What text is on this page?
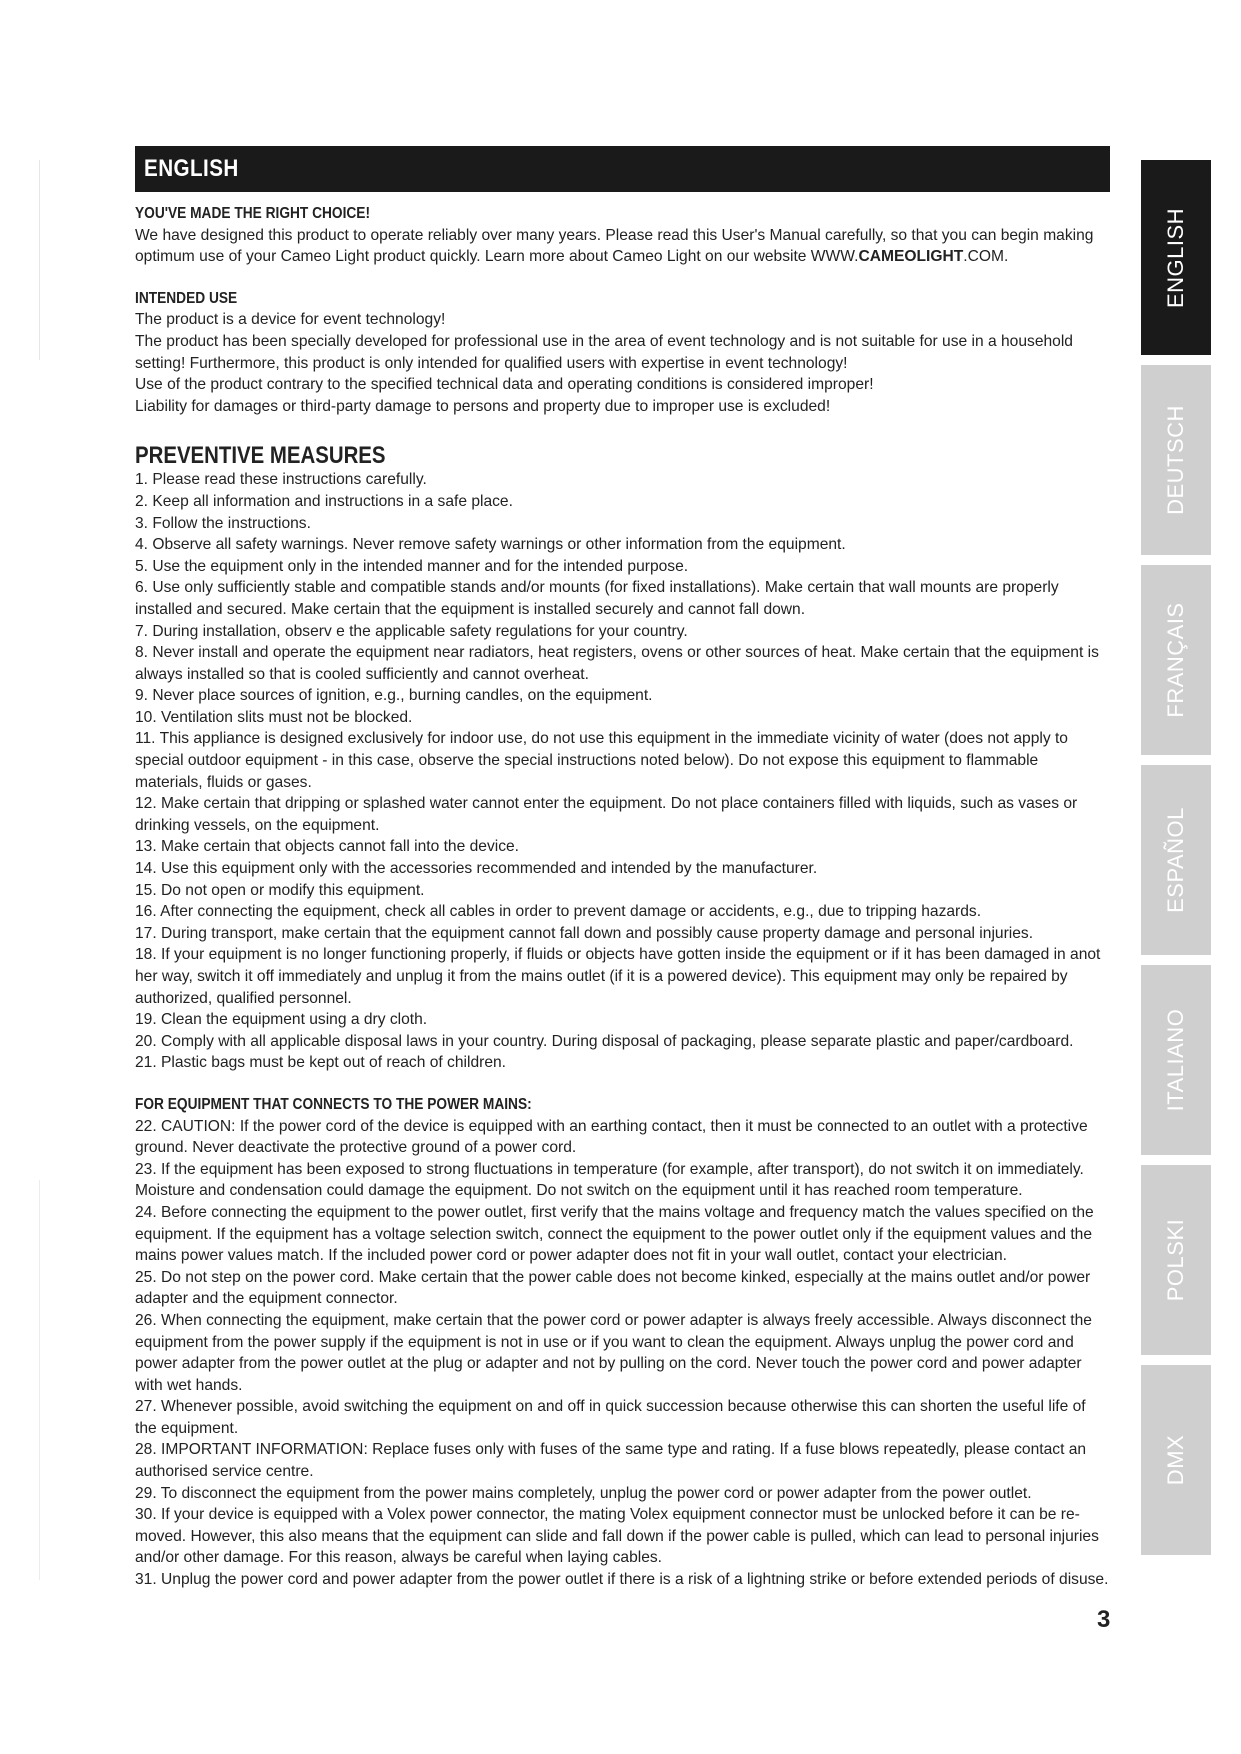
ENGLISH
YOU'VE MADE THE RIGHT CHOICE!

We have designed this product to operate reliably over many years. Please read this User's Manual carefully, so that you can begin making optimum use of your Cameo Light product quickly. Learn more about Cameo Light on our website WWW.CAMEOLIGHT.COM.

INTENDED USE

The product is a device for event technology!

The product has been specially developed for professional use in the area of event technology and is not suitable for use in a household setting! Furthermore, this product is only intended for qualified users with expertise in event technology!

Use of the product contrary to the specified technical data and operating conditions is considered improper!

Liability for damages or third-party damage to persons and property due to improper use is excluded!

PREVENTIVE MEASURES

1. Please read these instructions carefully.

2. Keep all information and instructions in a safe place.

3. Follow the instructions.

4. Observe all safety warnings. Never remove safety warnings or other information from the equipment.

5. Use the equipment only in the intended manner and for the intended purpose.

6. Use only sufficiently stable and compatible stands and/or mounts (for fixed installations). Make certain that wall mounts are properly installed and secured. Make certain that the equipment is installed securely and cannot fall down.

7. During installation, observ e the applicable safety regulations for your country.

8. Never install and operate the equipment near radiators, heat registers, ovens or other sources of heat. Make certain that the equipment is always installed so that is cooled sufficiently and cannot overheat.

9. Never place sources of ignition, e.g., burning candles, on the equipment.

10. Ventilation slits must not be blocked.

11. This appliance is designed exclusively for indoor use, do not use this equipment in the immediate vicinity of water (does not apply to special outdoor equipment - in this case, observe the special instructions noted below). Do not expose this equipment to flammable materials, fluids or gases.

12. Make certain that dripping or splashed water cannot enter the equipment. Do not place containers filled with liquids, such as vases or drinking vessels, on the equipment.

13. Make certain that objects cannot fall into the device.

14. Use this equipment only with the accessories recommended and intended by the manufacturer.

15. Do not open or modify this equipment.

16. After connecting the equipment, check all cables in order to prevent damage or accidents, e.g., due to tripping hazards.

17. During transport, make certain that the equipment cannot fall down and possibly cause property damage and personal injuries.

18. If your equipment is no longer functioning properly, if fluids or objects have gotten inside the equipment or if it has been damaged in anot her way, switch it off immediately and unplug it from the mains outlet (if it is a powered device). This equipment may only be repaired by authorized, qualified personnel.

19. Clean the equipment using a dry cloth.

20. Comply with all applicable disposal laws in your country. During disposal of packaging, please separate plastic and paper/cardboard.

21. Plastic bags must be kept out of reach of children.

FOR EQUIPMENT THAT CONNECTS TO THE POWER MAINS:

22. CAUTION: If the power cord of the device is equipped with an earthing contact, then it must be connected to an outlet with a protective ground. Never deactivate the protective ground of a power cord.

23. If the equipment has been exposed to strong fluctuations in temperature (for example, after transport), do not switch it on immediately. Moisture and condensation could damage the equipment. Do not switch on the equipment until it has reached room temperature.

24. Before connecting the equipment to the power outlet, first verify that the mains voltage and frequency match the values specified on the equipment. If the equipment has a voltage selection switch, connect the equipment to the power outlet only if the equipment values and the mains power values match. If the included power cord or power adapter does not fit in your wall outlet, contact your electrician.

25. Do not step on the power cord. Make certain that the power cable does not become kinked, especially at the mains outlet and/or power adapter and the equipment connector.

26. When connecting the equipment, make certain that the power cord or power adapter is always freely accessible. Always disconnect the equipment from the power supply if the equipment is not in use or if you want to clean the equipment. Always unplug the power cord and power adapter from the power outlet at the plug or adapter and not by pulling on the cord. Never touch the power cord and power adapter with wet hands.

27. Whenever possible, avoid switching the equipment on and off in quick succession because otherwise this can shorten the useful life of the equipment.

28. IMPORTANT INFORMATION: Replace fuses only with fuses of the same type and rating. If a fuse blows repeatedly, please contact an authorised service centre.

29. To disconnect the equipment from the power mains completely, unplug the power cord or power adapter from the power outlet.

30. If your device is equipped with a Volex power connector, the mating Volex equipment connector must be unlocked before it can be re-moved. However, this also means that the equipment can slide and fall down if the power cable is pulled, which can lead to personal injuries and/or other damage. For this reason, always be careful when laying cables.

31. Unplug the power cord and power adapter from the power outlet if there is a risk of a lightning strike or before extended periods of disuse.

ENGLISH
DEUTSCH
FRANÇAIS
ESPAÑOL
ITALIANO
POLSKI
DMX
3
